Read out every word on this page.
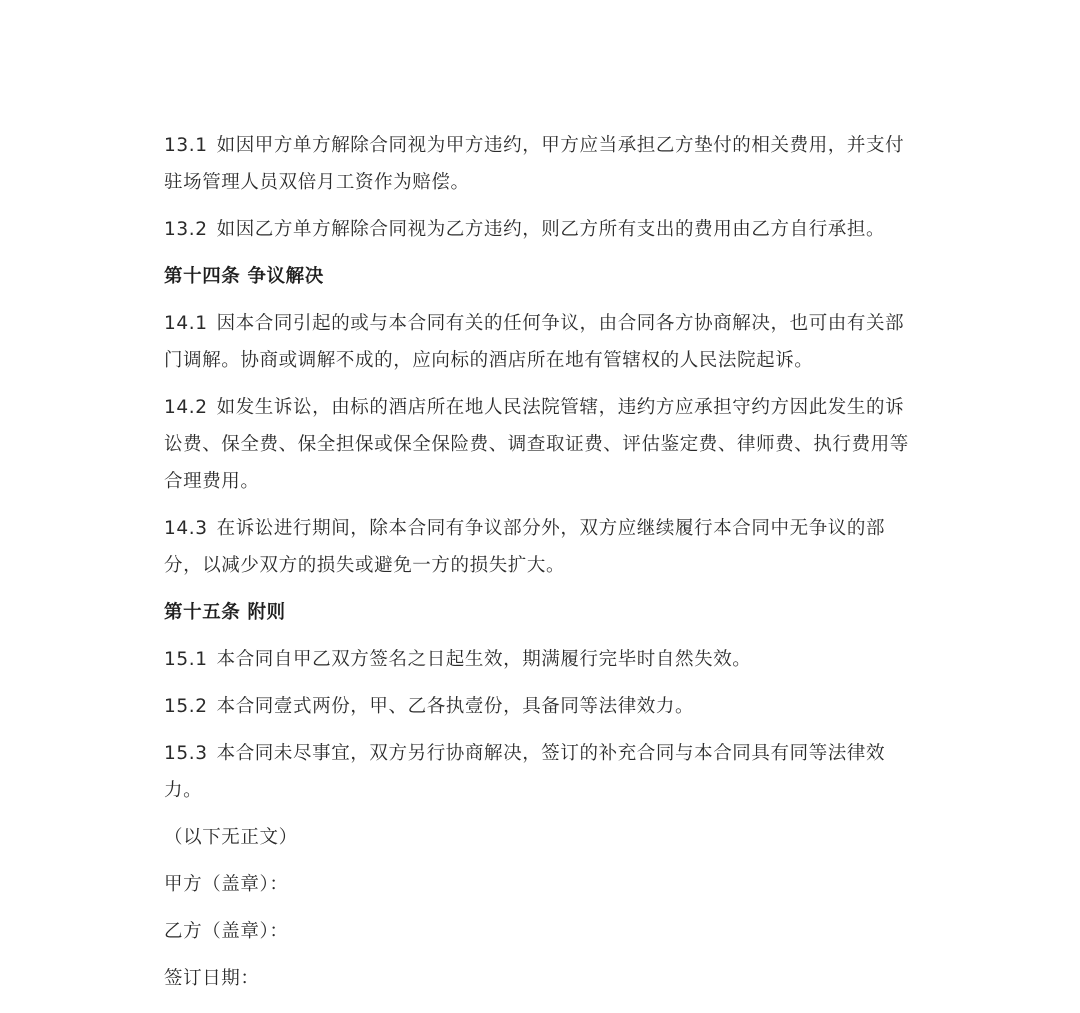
13.1 如因甲方单方解除合同视为甲方违约，甲方应当承担乙方垫付的相关费用，并支付驻场管理人员双倍月工资作为赔偿。

13.2 如因乙方单方解除合同视为乙方违约，则乙方所有支出的费用由乙方自行承担。

第十四条 争议解决

14.1 因本合同引起的或与本合同有关的任何争议，由合同各方协商解决，也可由有关部门调解。协商或调解不成的，应向标的酒店所在地有管辖权的人民法院起诉。

14.2 如发生诉讼，由标的酒店所在地人民法院管辖，违约方应承担守约方因此发生的诉讼费、保全费、保全担保或保全保险费、调查取证费、评估鉴定费、律师费、执行费用等合理费用。

14.3 在诉讼进行期间，除本合同有争议部分外，双方应继续履行本合同中无争议的部分，以减少双方的损失或避免一方的损失扩大。

第十五条 附则

15.1 本合同自甲乙双方签名之日起生效，期满履行完毕时自然失效。

15.2 本合同壹式两份，甲、乙各执壹份，具备同等法律效力。

15.3 本合同未尽事宜，双方另行协商解决，签订的补充合同与本合同具有同等法律效力。

（以下无正文）

甲方（盖章）：

乙方（盖章）：

签订日期：
